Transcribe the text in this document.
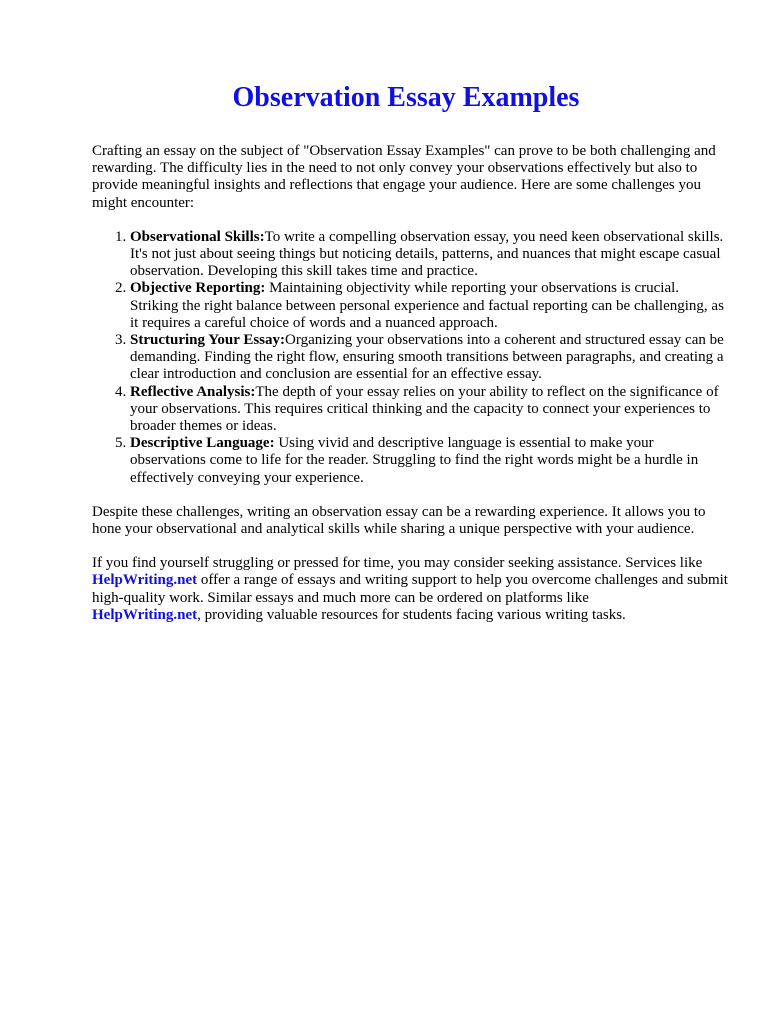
Observation Essay Examples

Crafting an essay on the subject of "Observation Essay Examples" can prove to be both challenging and rewarding. The difficulty lies in the need to not only convey your observations effectively but also to provide meaningful insights and reflections that engage your audience. Here are some challenges you might encounter:

1. Observational Skills:To write a compelling observation essay, you need keen observational skills. It's not just about seeing things but noticing details, patterns, and nuances that might escape casual observation. Developing this skill takes time and practice.
2. Objective Reporting: Maintaining objectivity while reporting your observations is crucial. Striking the right balance between personal experience and factual reporting can be challenging, as it requires a careful choice of words and a nuanced approach.
3. Structuring Your Essay:Organizing your observations into a coherent and structured essay can be demanding. Finding the right flow, ensuring smooth transitions between paragraphs, and creating a clear introduction and conclusion are essential for an effective essay.
4. Reflective Analysis:The depth of your essay relies on your ability to reflect on the significance of your observations. This requires critical thinking and the capacity to connect your experiences to broader themes or ideas.
5. Descriptive Language: Using vivid and descriptive language is essential to make your observations come to life for the reader. Struggling to find the right words might be a hurdle in effectively conveying your experience.

Despite these challenges, writing an observation essay can be a rewarding experience. It allows you to hone your observational and analytical skills while sharing a unique perspective with your audience.

If you find yourself struggling or pressed for time, you may consider seeking assistance. Services like HelpWriting.net offer a range of essays and writing support to help you overcome challenges and submit high-quality work. Similar essays and much more can be ordered on platforms like
HelpWriting.net, providing valuable resources for students facing various writing tasks.
